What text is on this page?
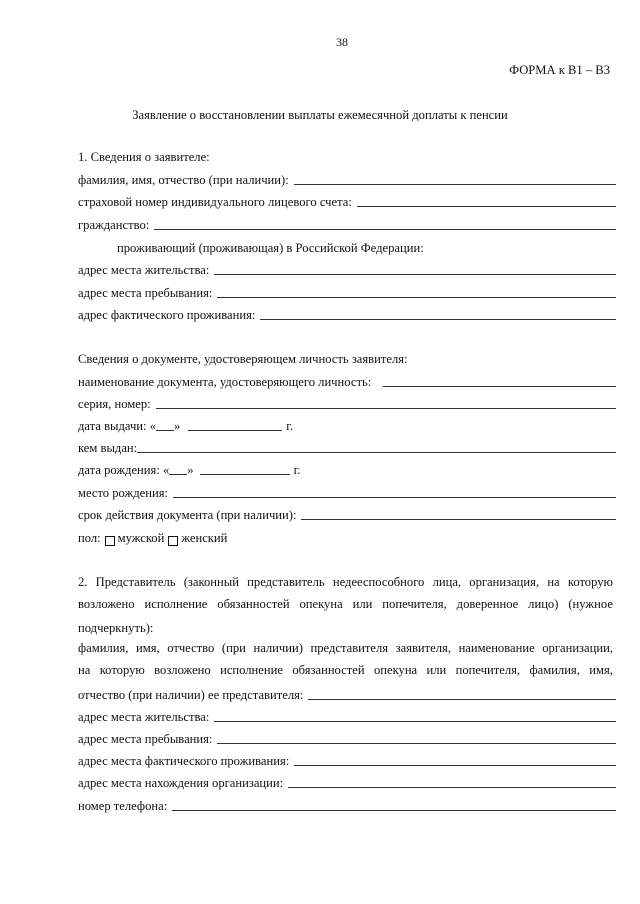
38
ФОРМА к В1 – В3
Заявление о восстановлении выплаты ежемесячной доплаты к пенсии
1. Сведения о заявителе:
фамилия, имя, отчество (при наличии):
страховой номер индивидуального лицевого счета:
гражданство:
проживающий (проживающая) в Российской Федерации:
адрес места жительства:
адрес места пребывания:
адрес фактического проживания:
Сведения о документе, удостоверяющем личность заявителя:
наименование документа, удостоверяющего личность:
серия, номер:
дата выдачи: « »	г.
кем выдан:
дата рождения: « »	г.
место рождения:
срок действия документа (при наличии):
пол: мужской женский
2. Представитель (законный представитель недееспособного лица, организация, на которую
возложено исполнение обязанностей опекуна или попечителя, доверенное лицо) (нужное
подчеркнуть):
фамилия, имя, отчество (при наличии) представителя заявителя, наименование организации,
на которую возложено исполнение обязанностей опекуна или попечителя, фамилия, имя,
отчество (при наличии) ее представителя:
адрес места жительства:
адрес места пребывания:
адрес места фактического проживания:
адрес места нахождения организации:
номер телефона:
